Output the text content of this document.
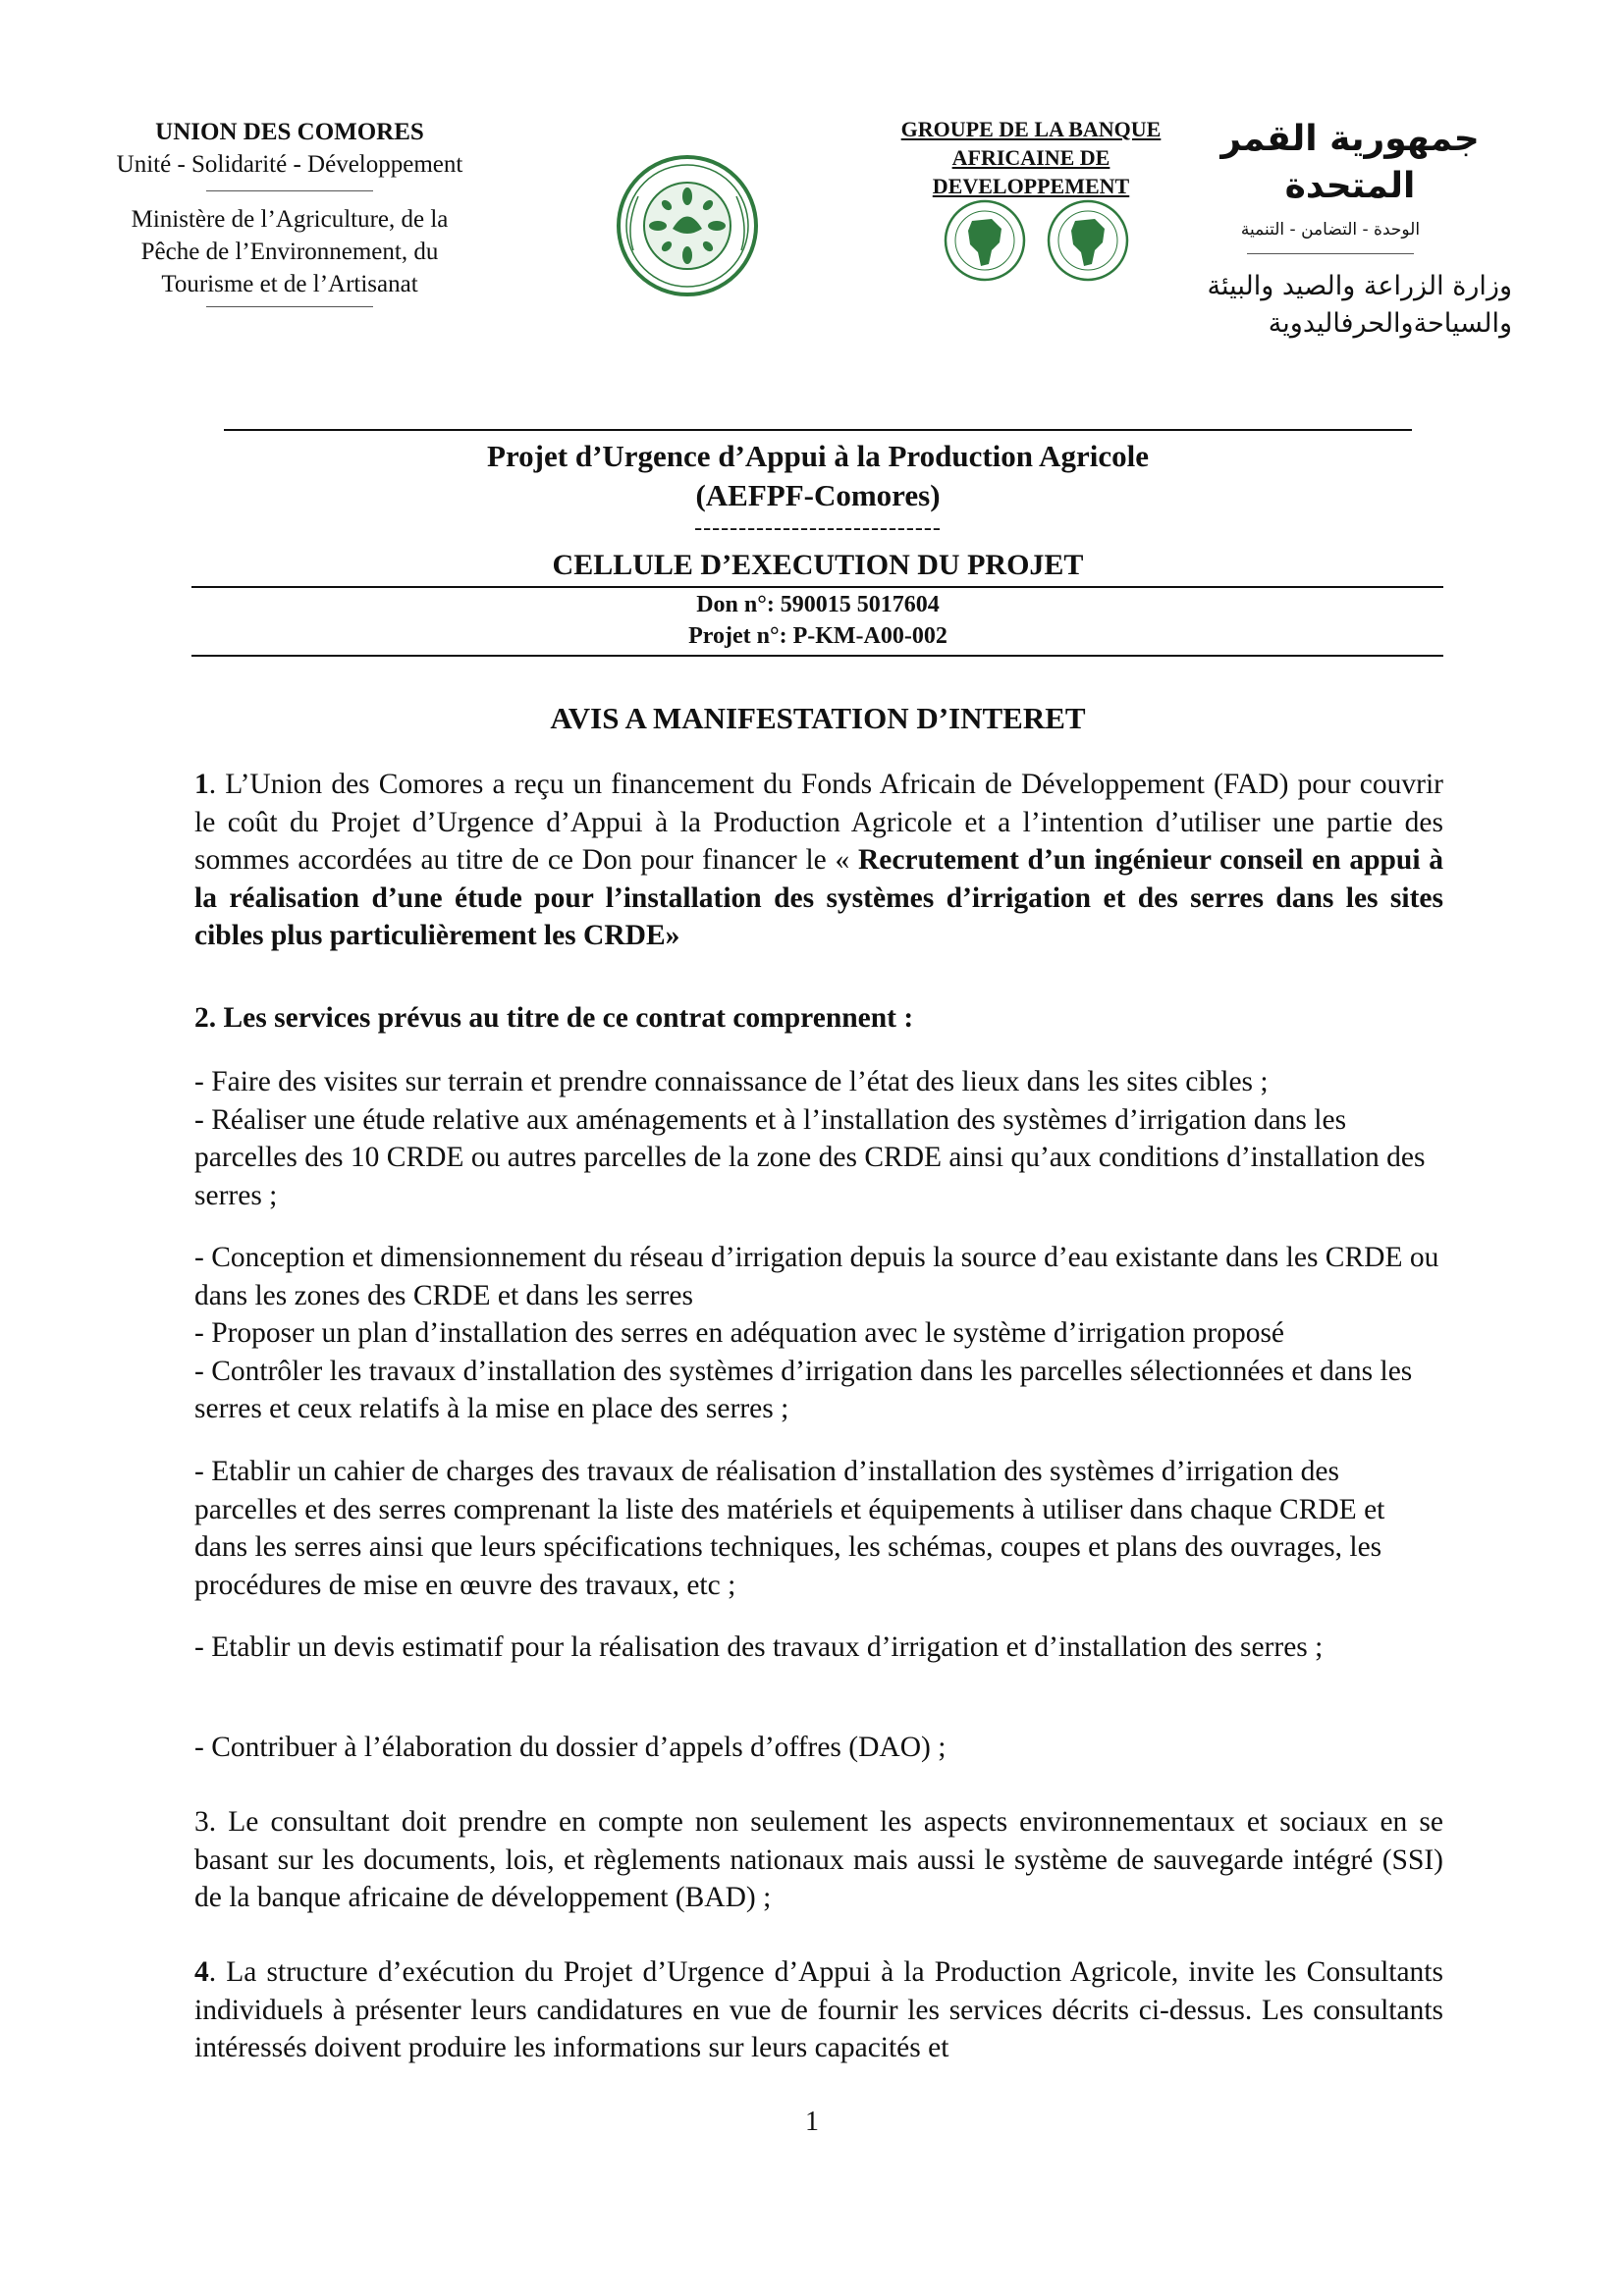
UNION DES COMORES
Unité - Solidarité - Développement
Ministère de l’Agriculture, de la
Pêche de l’Environnement, du
Tourisme et de l’Artisanat
GROUPE DE LA BANQUE
AFRICAINE DE
DEVELOPPEMENT
جمهورية القمر
المتحدة
الوحدة - التضامن - التنمية
وزارة الزراعة والصيد والبيئة
والسياحةوالحرفاليدوية
Projet d’Urgence d’Appui à la Production Agricole
(AEFPF-Comores)
----------------------------
CELLULE D’EXECUTION DU PROJET
Don n°: 590015 5017604
Projet n°: P-KM-A00-002
AVIS A MANIFESTATION D’INTERET

1. L’Union des Comores a reçu un financement du Fonds Africain de Développement (FAD) pour couvrir le coût du Projet d’Urgence d’Appui à la Production Agricole et a l’intention d’utiliser une partie des sommes accordées au titre de ce Don pour financer le « Recrutement d’un ingénieur conseil en appui à la réalisation d’une étude pour l’installation des systèmes d’irrigation et des serres dans les sites cibles plus particulièrement les CRDE»

2. Les services prévus au titre de ce contrat comprennent :
- Faire des visites sur terrain et prendre connaissance de l’état des lieux dans les sites cibles ;
- Réaliser une étude relative aux aménagements et à l’installation des systèmes d’irrigation dans les parcelles des 10 CRDE ou autres parcelles de la zone des CRDE ainsi qu’aux conditions d’installation des serres ;
- Conception et dimensionnement du réseau d’irrigation depuis la source d’eau existante dans les CRDE ou dans les zones des CRDE et dans les serres
- Proposer un plan d’installation des serres en adéquation avec le système d’irrigation proposé
- Contrôler les travaux d’installation des systèmes d’irrigation dans les parcelles sélectionnées et dans les serres et ceux relatifs à la mise en place des serres ;
- Etablir un cahier de charges des travaux de réalisation d’installation des systèmes d’irrigation des parcelles et des serres comprenant la liste des matériels et équipements à utiliser dans chaque CRDE et dans les serres ainsi que leurs spécifications techniques, les schémas, coupes et plans des ouvrages, les procédures de mise en œuvre des travaux, etc ;
- Etablir un devis estimatif pour la réalisation des travaux d’irrigation et d’installation des serres ;
- Contribuer à l’élaboration du dossier d’appels d’offres (DAO) ;
3. Le consultant doit prendre en compte non seulement les aspects environnementaux et sociaux en se basant sur les documents, lois, et règlements nationaux mais aussi le système de sauvegarde intégré (SSI) de la banque africaine de développement (BAD) ;

4. La structure d’exécution du Projet d’Urgence d’Appui à la Production Agricole, invite les Consultants individuels à présenter leurs candidatures en vue de fournir les services décrits ci-dessus. Les consultants intéressés doivent produire les informations sur leurs capacités et

1
